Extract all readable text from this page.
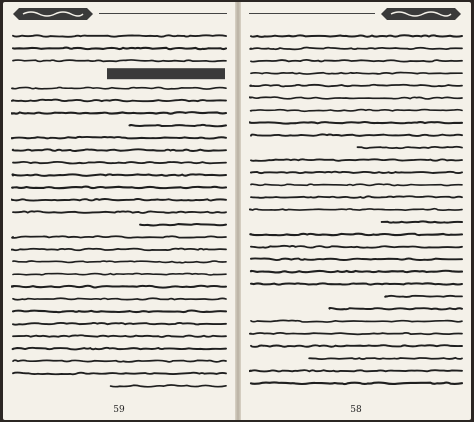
59	58
